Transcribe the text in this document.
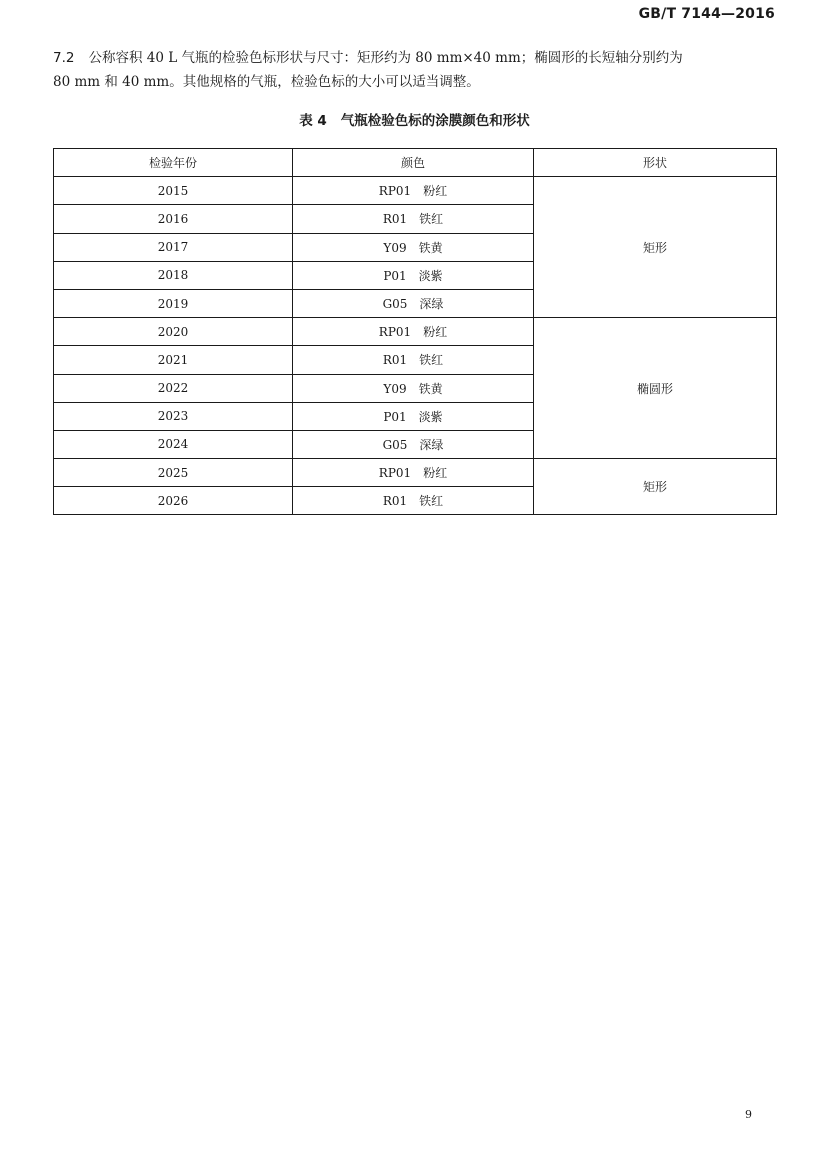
GB/T 7144—2016
7.2 公称容积 40 L 气瓶的检验色标形状与尺寸：矩形约为 80 mm×40 mm；椭圆形的长短轴分别约为
80 mm 和 40 mm。其他规格的气瓶，检验色标的大小可以适当调整。
表 4 气瓶检验色标的涂膜颜色和形状
检验年份	颜色	形状
2015	RP01 粉红	矩形
2016	R01 铁红	
2017	Y09 铁黄	
2018	P01 淡紫	
2019	G05 深绿	
2020	RP01 粉红	椭圆形
2021	R01 铁红	
2022	Y09 铁黄	
2023	P01 淡紫	
2024	G05 深绿	
2025	RP01 粉红	矩形
2026	R01 铁红	
9
